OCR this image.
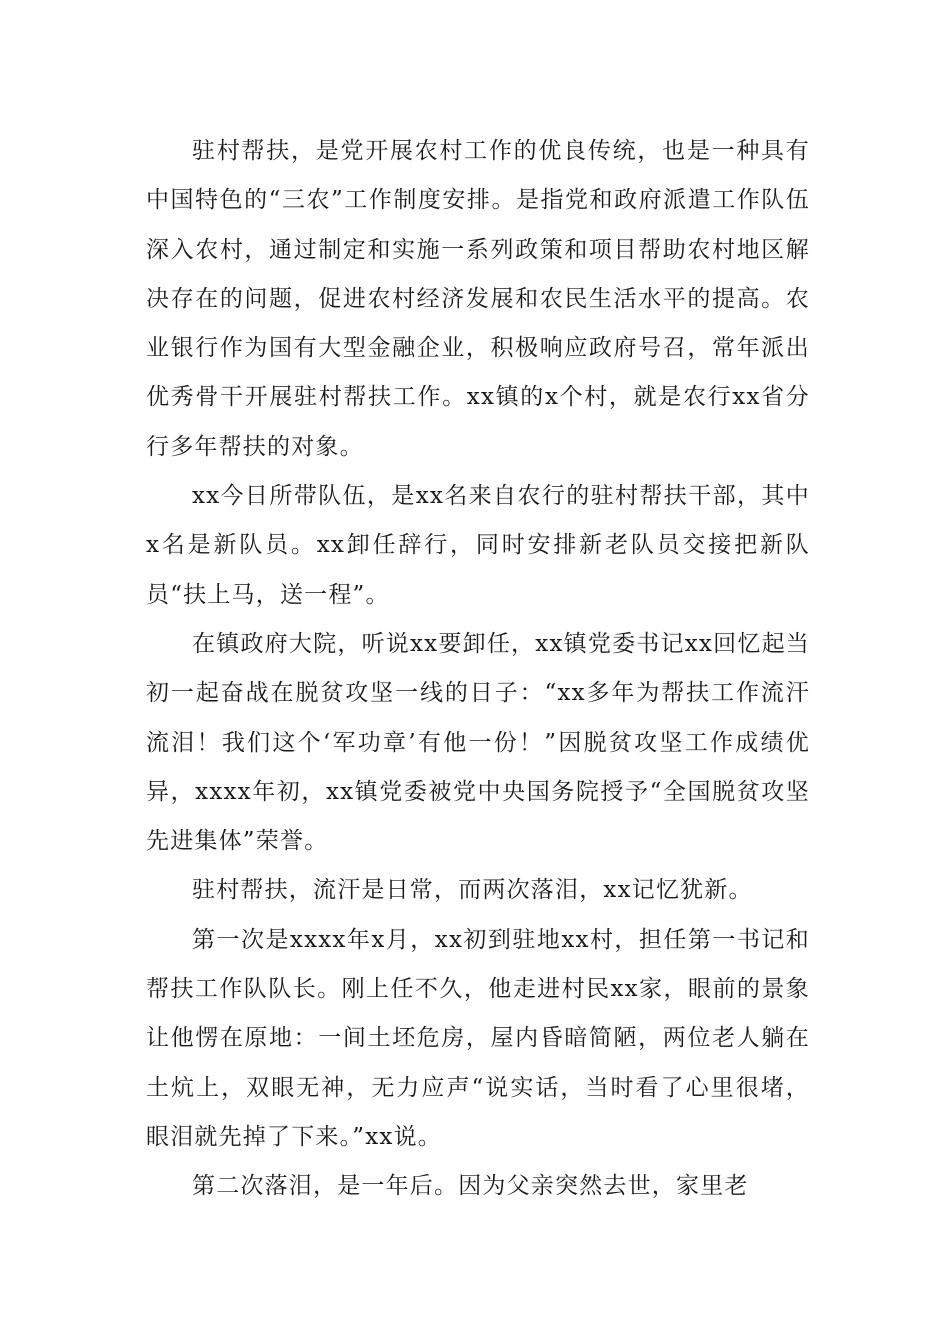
驻村帮扶，是党开展农村工作的优良传统，也是一种具有中国特色的“三农”工作制度安排。是指党和政府派遣工作队伍深入农村，通过制定和实施一系列政策和项目帮助农村地区解决存在的问题，促进农村经济发展和农民生活水平的提高。农业银行作为国有大型金融企业，积极响应政府号召，常年派出优秀骨干开展驻村帮扶工作。xx镇的x个村，就是农行xx省分行多年帮扶的对象。

xx今日所带队伍，是xx名来自农行的驻村帮扶干部，其中x名是新队员。xx卸任辞行，同时安排新老队员交接把新队员“扶上马，送一程”。

在镇政府大院，听说xx要卸任，xx镇党委书记xx回忆起当初一起奋战在脱贫攻坚一线的日子：“xx多年为帮扶工作流汗流泪！我们这个‘军功章’有他一份！”因脱贫攻坚工作成绩优异，xxxx年初，xx镇党委被党中央国务院授予“全国脱贫攻坚先进集体”荣誉。

驻村帮扶，流汗是日常，而两次落泪，xx记忆犹新。

第一次是xxxx年x月，xx初到驻地xx村，担任第一书记和帮扶工作队队长。刚上任不久，他走进村民xx家，眼前的景象让他愣在原地：一间土坯危房，屋内昏暗简陋，两位老人躺在土炕上，双眼无神，无力应声“说实话，当时看了心里很堵，眼泪就先掉了下来。”xx说。

第二次落泪，是一年后。因为父亲突然去世，家里老
